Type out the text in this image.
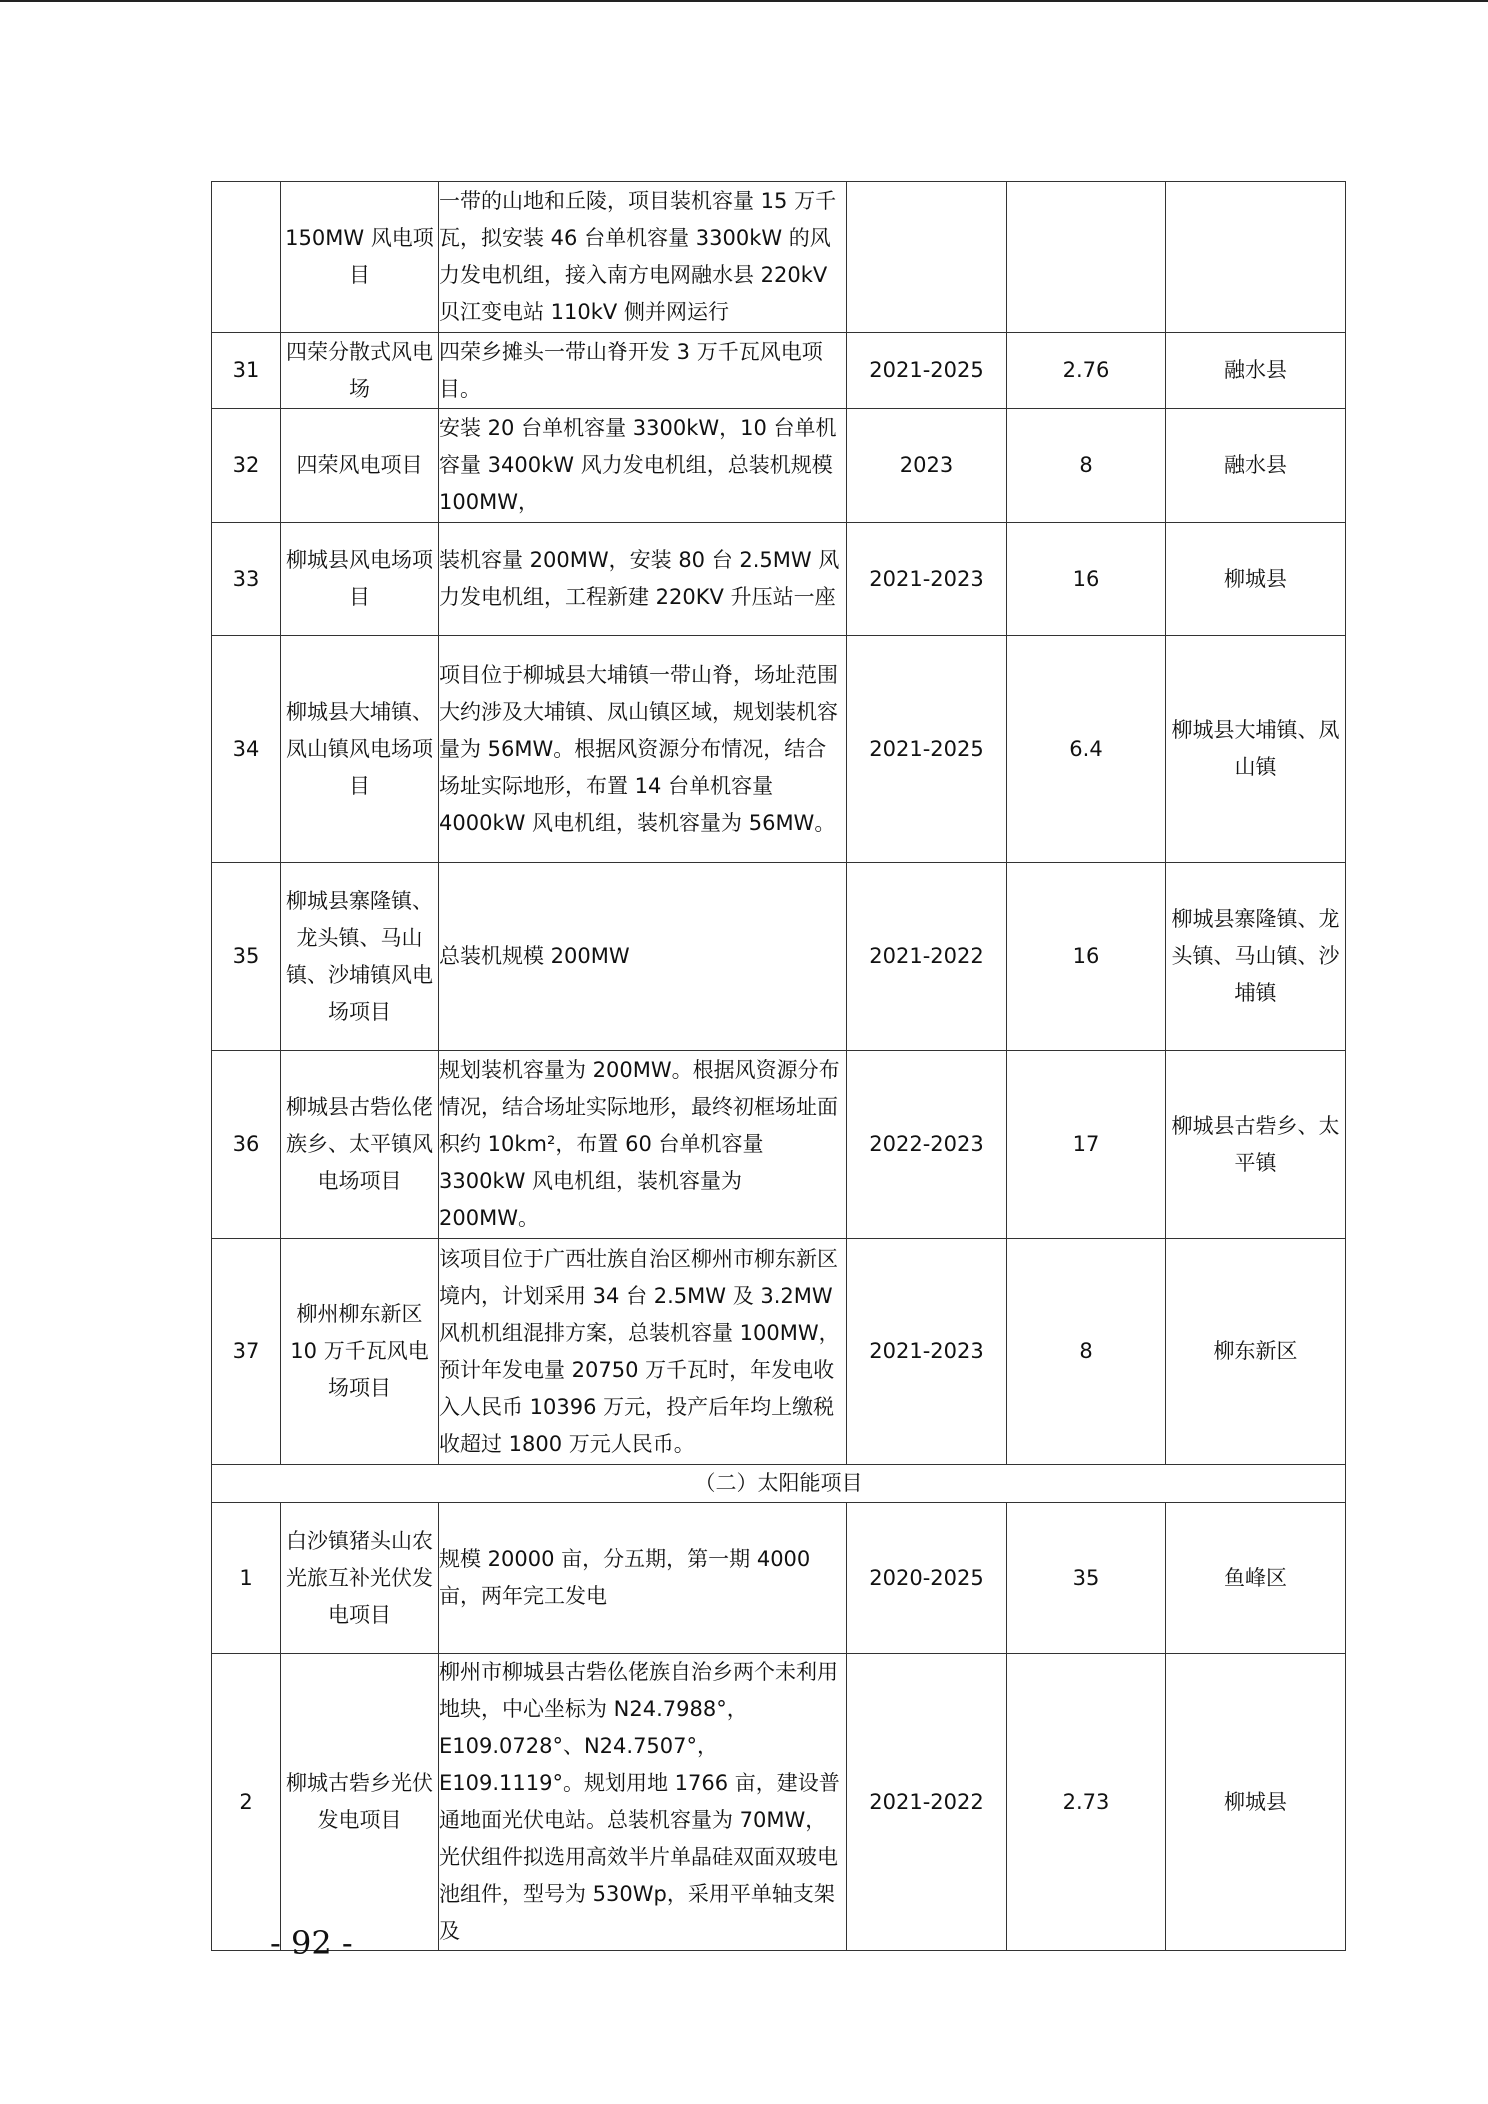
	150MW 风电项目	一带的山地和丘陵，项目装机容量 15 万千瓦，拟安装 46 台单机容量 3300kW 的风力发电机组，接入南方电网融水县 220kV 贝江变电站 110kV 侧并网运行			
31	四荣分散式风电场	四荣乡摊头一带山脊开发 3 万千瓦风电项目。	2021-2025	2.76	融水县
32	四荣风电项目	安装 20 台单机容量 3300kW，10 台单机容量 3400kW 风力发电机组，总装机规模 100MW，	2023	8	融水县
33	柳城县风电场项目	装机容量 200MW，安装 80 台 2.5MW 风力发电机组，工程新建 220KV 升压站一座	2021-2023	16	柳城县
34	柳城县大埔镇、凤山镇风电场项目	项目位于柳城县大埔镇一带山脊，场址范围大约涉及大埔镇、凤山镇区域，规划装机容量为 56MW。根据风资源分布情况，结合场址实际地形，布置 14 台单机容量 4000kW 风电机组，装机容量为 56MW。	2021-2025	6.4	柳城县大埔镇、凤山镇
35	柳城县寨隆镇、龙头镇、马山镇、沙埔镇风电场项目	总装机规模 200MW	2021-2022	16	柳城县寨隆镇、龙头镇、马山镇、沙埔镇
36	柳城县古砦仫佬族乡、太平镇风电场项目	规划装机容量为 200MW。根据风资源分布情况，结合场址实际地形，最终初框场址面积约 10km²，布置 60 台单机容量 3300kW 风电机组，装机容量为 200MW。	2022-2023	17	柳城县古砦乡、太平镇
37	柳州柳东新区 10 万千瓦风电场项目	该项目位于广西壮族自治区柳州市柳东新区境内，计划采用 34 台 2.5MW 及 3.2MW 风机机组混排方案，总装机容量 100MW，预计年发电量 20750 万千瓦时，年发电收入人民币 10396 万元，投产后年均上缴税收超过 1800 万元人民币。	2021-2023	8	柳东新区
（二）太阳能项目					
1	白沙镇猪头山农光旅互补光伏发电项目	规模 20000 亩，分五期，第一期 4000 亩，两年完工发电	2020-2025	35	鱼峰区
2	柳城古砦乡光伏发电项目	柳州市柳城县古砦仫佬族自治乡两个未利用地块，中心坐标为 N24.7988°，E109.0728°、N24.7507°，E109.1119°。规划用地 1766 亩，建设普通地面光伏电站。总装机容量为 70MW，光伏组件拟选用高效半片单晶硅双面双玻电池组件，型号为 530Wp，采用平单轴支架及	2021-2022	2.73	柳城县
- 92 -
